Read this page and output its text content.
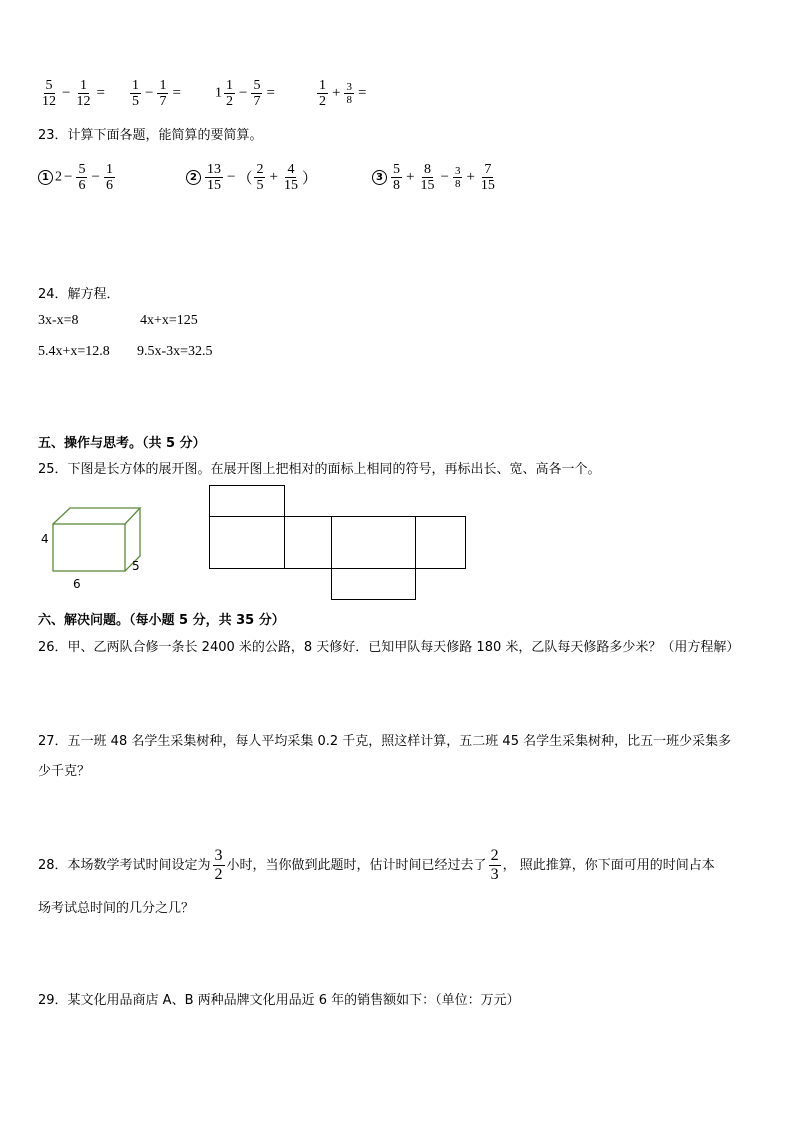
$\frac{5}{12} - \frac{1}{12} = \frac{1}{5} - \frac{1}{7} = 1 \frac{1}{2} - \frac{5}{7}$ =	$\frac{1}{2} + \frac{3}{8}$ =
23．计算下面各题，能简算的要简算。
1 $2 - \frac{5}{6} - \frac{1}{6}$	$2 \frac{13}{15}$ − （ $\frac{2}{5} + \frac{4}{15}$ ）	$3 \frac{5}{8} + \frac{8}{15} - \frac{3}{8} + \frac{7}{15}$
24．解方程．
3x-x=8	4x+x=125
5.4x+x=12.8 9.5x-3x=32.5
五、操作与思考。（共 5 分）
25．下图是长方体的展开图。在展开图上把相对的面标上相同的符号，再标出长、宽、高各一个。
4
6
5
六、解决问题。（每小题 5 分，共 35 分）
26．甲、乙两队合修一条长 2400 米的公路，8 天修好．已知甲队每天修路 180 米，乙队每天修路多少米？（用方程解）
27．五一班 48 名学生采集树种，每人平均采集 0.2 千克，照这样计算，五二班 45 名学生采集树种，比五一班少采集多
少千克？
28．本场数学考试时间设定为 $\frac{3}{2}$ 小时，当你做到此题时，估计时间已经过去了 $\frac{2}{3}$ ， 照此推算，你下面可用的时间占本
场考试总时间的几分之几？
29．某文化用品商店 A、B 两种品牌文化用品近 6 年的销售额如下：（单位：万元）
